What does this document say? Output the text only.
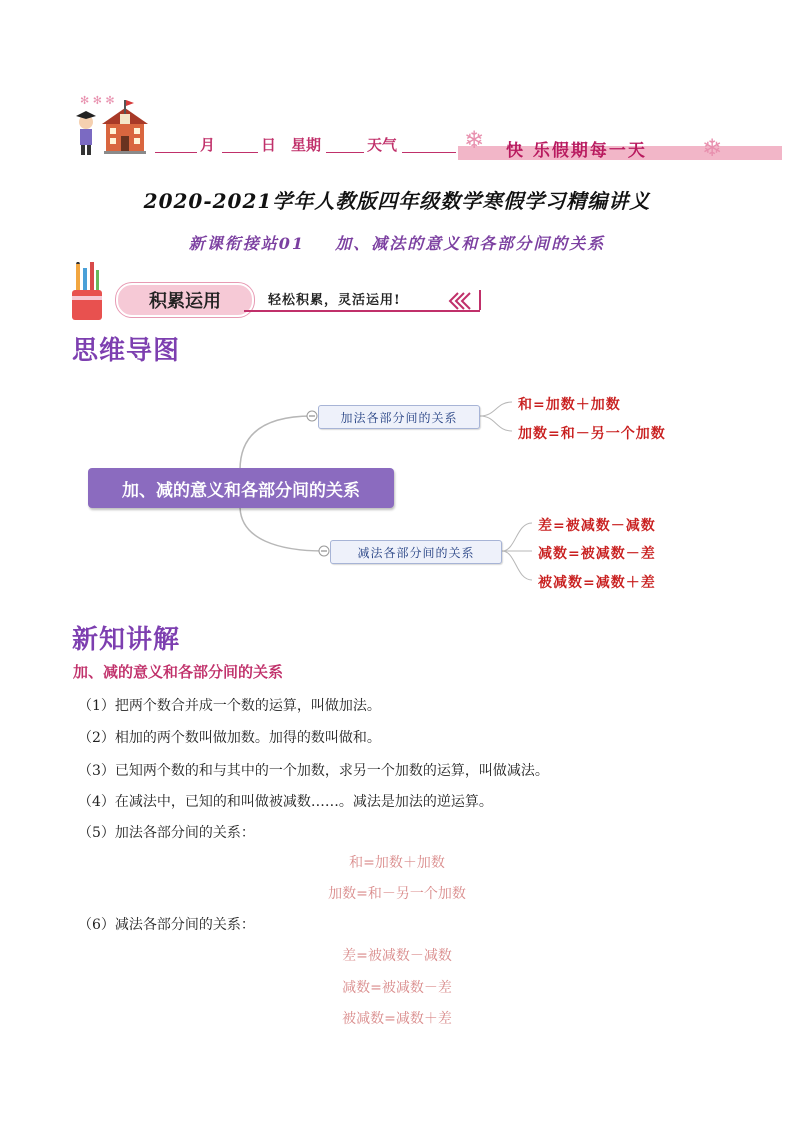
✻ ✻ ✻
月	日 星期	天气	❄ 快 乐假期每一天 ❄
2020-2021学年人教版四年级数学寒假学习精编讲义
新课衔接站01    加、减法的意义和各部分间的关系
积累运用	轻松积累，灵活运用!
思维导图
加、减的意义和各部分间的关系
加法各部分间的关系
减法各部分间的关系
和=加数＋加数
加数=和－另一个加数
差=被减数－减数
减数=被减数－差
被减数=减数＋差
新知讲解
加、减的意义和各部分间的关系
（1）把两个数合并成一个数的运算，叫做加法。
（2）相加的两个数叫做加数。加得的数叫做和。
（3）已知两个数的和与其中的一个加数，求另一个加数的运算，叫做减法。
（4）在减法中，已知的和叫做被减数……。减法是加法的逆运算。
（5）加法各部分间的关系：
和=加数＋加数
加数=和－另一个加数
（6）减法各部分间的关系：
差=被减数－减数
减数=被减数－差
被减数=减数＋差
